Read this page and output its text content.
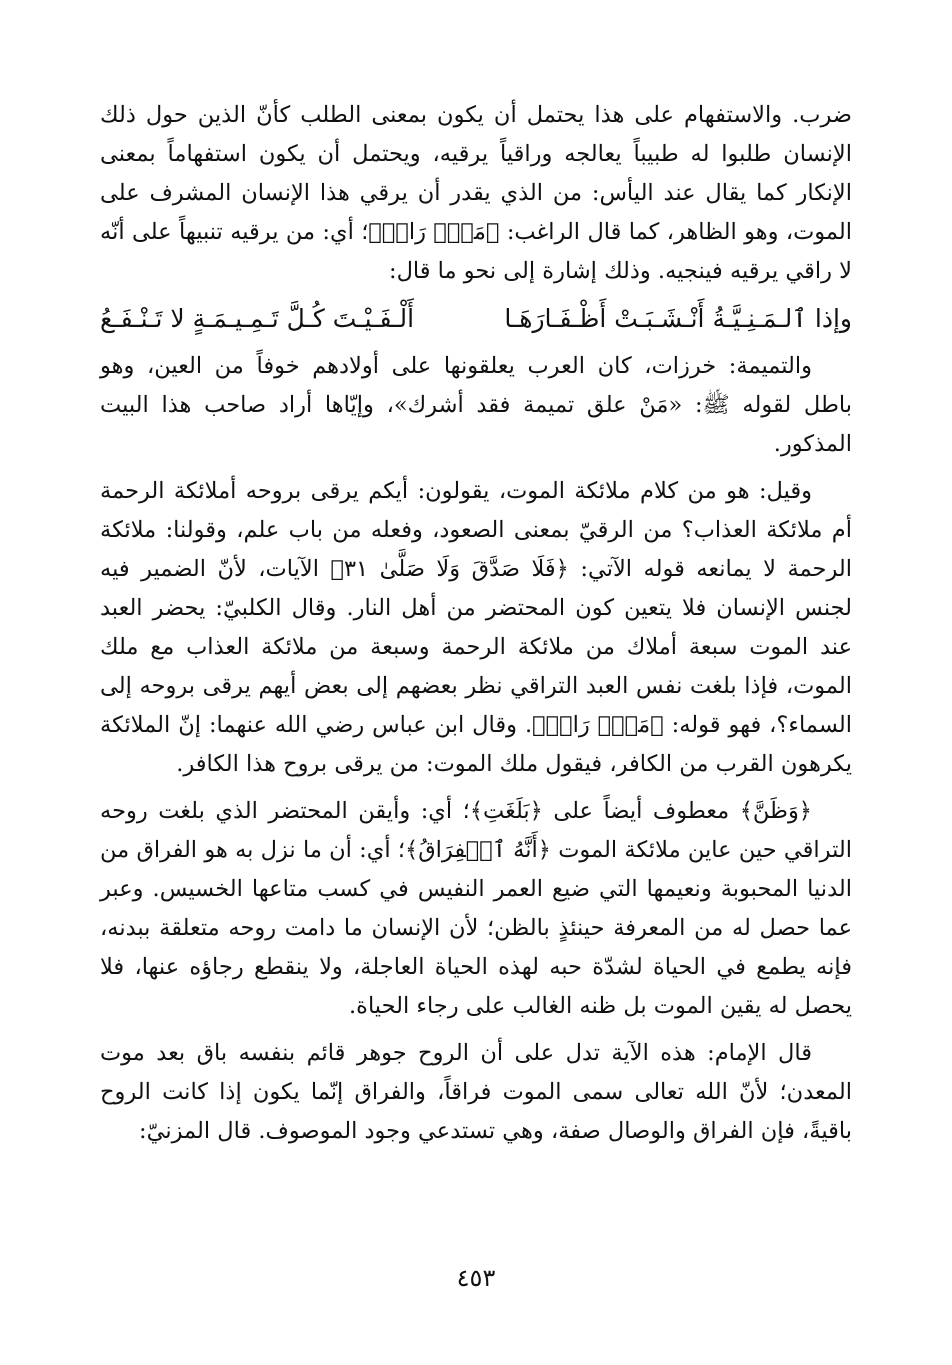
ضرب. والاستفهام على هذا يحتمل أن يكون بمعنى الطلب كأنّ الذين حول ذلك الإنسان طلبوا له طبيباً يعالجه وراقياً يرقيه، ويحتمل أن يكون استفهاماً بمعنى الإنكار كما يقال عند اليأس: من الذي يقدر أن يرقي هذا الإنسان المشرف على الموت، وهو الظاهر، كما قال الراغب: ﴿مَنۡۜ رَاقٖ﴾؛ أي: من يرقيه تنبيهاً على أنّه لا راقي يرقيه فينجيه. وذلك إشارة إلى نحو ما قال:

وإذا ٱلـمَـنِـيَّـةُ أَنْـشَـبَـتْ أَظْـفَـارَهَـا
أَلْـفَـيْـتَ كُـلَّ تَـمِـيـمَـةٍ لا تَـنْـفَـعُ

والتميمة: خرزات، كان العرب يعلقونها على أولادهم خوفاً من العين، وهو باطل لقوله ﷺ: «مَنْ علق تميمة فقد أشرك»، وإيّاها أراد صاحب هذا البيت المذكور.

وقيل: هو من كلام ملائكة الموت، يقولون: أيكم يرقى بروحه أملائكة الرحمة أم ملائكة العذاب؟ من الرقيّ بمعنى الصعود، وفعله من باب علم، وقولنا: ملائكة الرحمة لا يمانعه قوله الآتي: ﴿فَلَا صَدَّقَ وَلَا صَلَّىٰ ٣١﴾ الآيات، لأنّ الضمير فيه لجنس الإنسان فلا يتعين كون المحتضر من أهل النار. وقال الكلبيّ: يحضر العبد عند الموت سبعة أملاك من ملائكة الرحمة وسبعة من ملائكة العذاب مع ملك الموت، فإذا بلغت نفس العبد التراقي نظر بعضهم إلى بعض أيهم يرقى بروحه إلى السماء؟، فهو قوله: ﴿مَنۡۜ رَاقٖ﴾. وقال ابن عباس رضي الله عنهما: إنّ الملائكة يكرهون القرب من الكافر، فيقول ملك الموت: من يرقى بروح هذا الكافر.

﴿وَظَنَّ﴾ معطوف أيضاً على ﴿بَلَغَتِ﴾؛ أي: وأيقن المحتضر الذي بلغت روحه التراقي حين عاين ملائكة الموت ﴿أَنَّهُ ٱلۡفِرَاقُ﴾؛ أي: أن ما نزل به هو الفراق من الدنيا المحبوبة ونعيمها التي ضيع العمر النفيس في كسب متاعها الخسيس. وعبر عما حصل له من المعرفة حينئذٍ بالظن؛ لأن الإنسان ما دامت روحه متعلقة ببدنه، فإنه يطمع في الحياة لشدّة حبه لهذه الحياة العاجلة، ولا ينقطع رجاؤه عنها، فلا يحصل له يقين الموت بل ظنه الغالب على رجاء الحياة.

قال الإمام: هذه الآية تدل على أن الروح جوهر قائم بنفسه باق بعد موت المعدن؛ لأنّ الله تعالى سمى الموت فراقاً، والفراق إنّما يكون إذا كانت الروح باقيةً، فإن الفراق والوصال صفة، وهي تستدعي وجود الموصوف. قال المزنيّ:

٤٥٣
